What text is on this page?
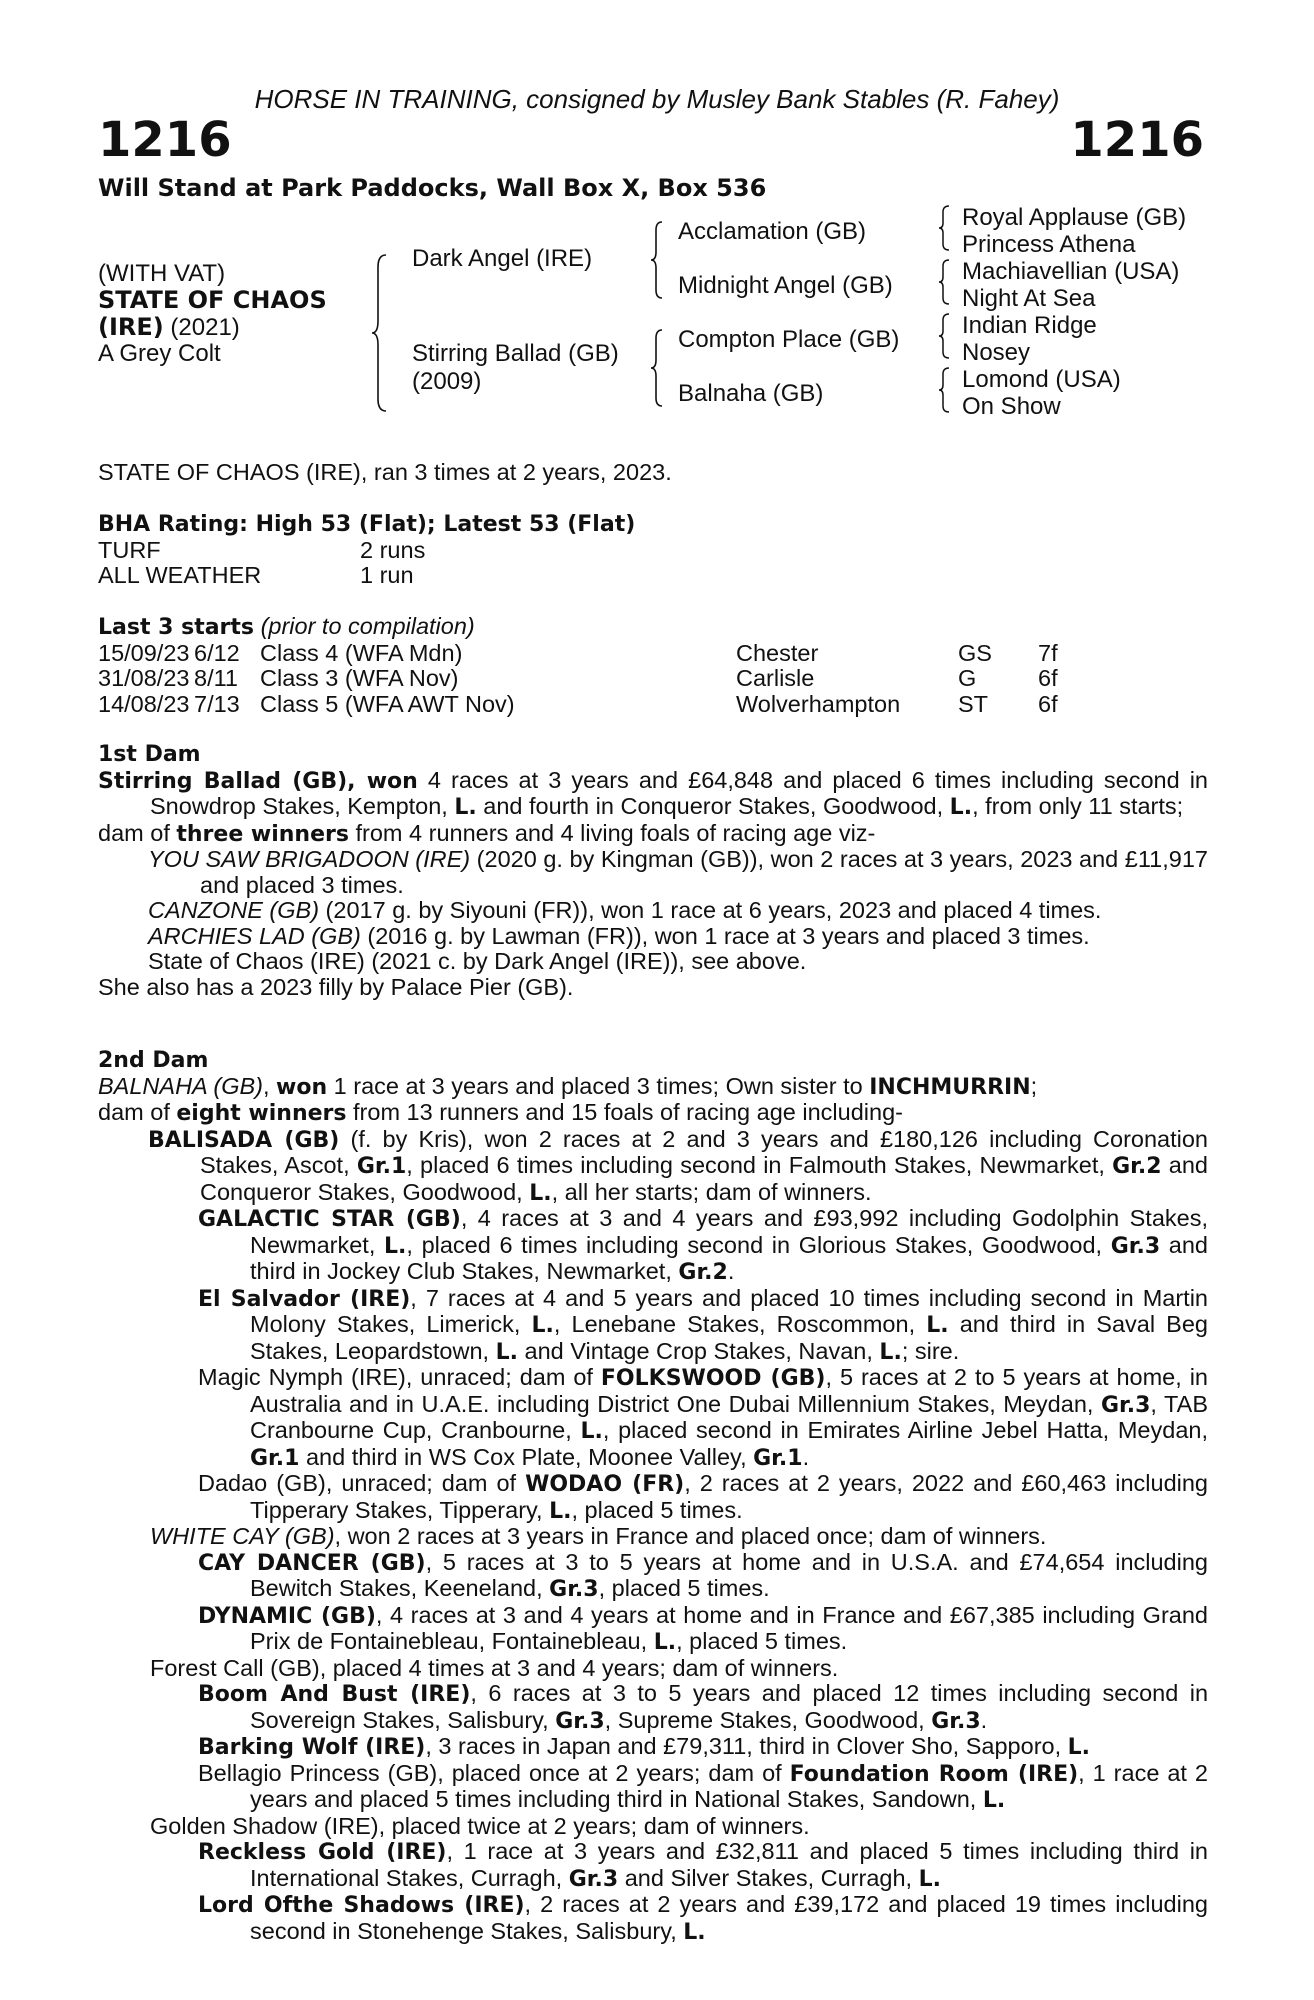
HORSE IN TRAINING, consigned by Musley Bank Stables (R. Fahey)
1216	1216
Will Stand at Park Paddocks, Wall Box X, Box 536
(WITH VAT)
STATE OF CHAOS
(IRE) (2021)
A Grey Colt
Dark Angel (IRE)
Stirring Ballad (GB)
(2009)
Acclamation (GB)
Midnight Angel (GB)
Compton Place (GB)
Balnaha (GB)
Royal Applause (GB)
Princess Athena
Machiavellian (USA)
Night At Sea
Indian Ridge
Nosey
Lomond (USA)
On Show
STATE OF CHAOS (IRE), ran 3 times at 2 years, 2023.
BHA Rating: High 53 (Flat); Latest 53 (Flat)
TURF	2 runs
ALL WEATHER	1 run
Last 3 starts (prior to compilation)
15/09/23	6/12	Class 4 (WFA Mdn)	Chester	GS	7f
31/08/23	8/11	Class 3 (WFA Nov)	Carlisle	G	6f
14/08/23	7/13	Class 5 (WFA AWT Nov)	Wolverhampton	ST	6f

1st Dam

Stirring Ballad (GB), won 4 races at 3 years and £64,848 and placed 6 times including second in Snowdrop Stakes, Kempton, L. and fourth in Conqueror Stakes, Goodwood, L., from only 11 starts;

dam of three winners from 4 runners and 4 living foals of racing age viz-

YOU SAW BRIGADOON (IRE) (2020 g. by Kingman (GB)), won 2 races at 3 years, 2023 and £11,917 and placed 3 times.

CANZONE (GB) (2017 g. by Siyouni (FR)), won 1 race at 6 years, 2023 and placed 4 times.

ARCHIES LAD (GB) (2016 g. by Lawman (FR)), won 1 race at 3 years and placed 3 times.

State of Chaos (IRE) (2021 c. by Dark Angel (IRE)), see above.

She also has a 2023 filly by Palace Pier (GB).

2nd Dam

BALNAHA (GB), won 1 race at 3 years and placed 3 times; Own sister to INCHMURRIN;

dam of eight winners from 13 runners and 15 foals of racing age including-

BALISADA (GB) (f. by Kris), won 2 races at 2 and 3 years and £180,126 including Coronation Stakes, Ascot, Gr.1, placed 6 times including second in Falmouth Stakes, Newmarket, Gr.2 and Conqueror Stakes, Goodwood, L., all her starts; dam of winners.

GALACTIC STAR (GB), 4 races at 3 and 4 years and £93,992 including Godolphin Stakes, Newmarket, L., placed 6 times including second in Glorious Stakes, Goodwood, Gr.3 and third in Jockey Club Stakes, Newmarket, Gr.2.

El Salvador (IRE), 7 races at 4 and 5 years and placed 10 times including second in Martin Molony Stakes, Limerick, L., Lenebane Stakes, Roscommon, L. and third in Saval Beg Stakes, Leopardstown, L. and Vintage Crop Stakes, Navan, L.; sire.

Magic Nymph (IRE), unraced; dam of FOLKSWOOD (GB), 5 races at 2 to 5 years at home, in Australia and in U.A.E. including District One Dubai Millennium Stakes, Meydan, Gr.3, TAB Cranbourne Cup, Cranbourne, L., placed second in Emirates Airline Jebel Hatta, Meydan, Gr.1 and third in WS Cox Plate, Moonee Valley, Gr.1.

Dadao (GB), unraced; dam of WODAO (FR), 2 races at 2 years, 2022 and £60,463 including Tipperary Stakes, Tipperary, L., placed 5 times.

WHITE CAY (GB), won 2 races at 3 years in France and placed once; dam of winners.

CAY DANCER (GB), 5 races at 3 to 5 years at home and in U.S.A. and £74,654 including Bewitch Stakes, Keeneland, Gr.3, placed 5 times.

DYNAMIC (GB), 4 races at 3 and 4 years at home and in France and £67,385 including Grand Prix de Fontainebleau, Fontainebleau, L., placed 5 times.

Forest Call (GB), placed 4 times at 3 and 4 years; dam of winners.

Boom And Bust (IRE), 6 races at 3 to 5 years and placed 12 times including second in Sovereign Stakes, Salisbury, Gr.3, Supreme Stakes, Goodwood, Gr.3.

Barking Wolf (IRE), 3 races in Japan and £79,311, third in Clover Sho, Sapporo, L.

Bellagio Princess (GB), placed once at 2 years; dam of Foundation Room (IRE), 1 race at 2 years and placed 5 times including third in National Stakes, Sandown, L.

Golden Shadow (IRE), placed twice at 2 years; dam of winners.

Reckless Gold (IRE), 1 race at 3 years and £32,811 and placed 5 times including third in International Stakes, Curragh, Gr.3 and Silver Stakes, Curragh, L.

Lord Ofthe Shadows (IRE), 2 races at 2 years and £39,172 and placed 19 times including second in Stonehenge Stakes, Salisbury, L.
